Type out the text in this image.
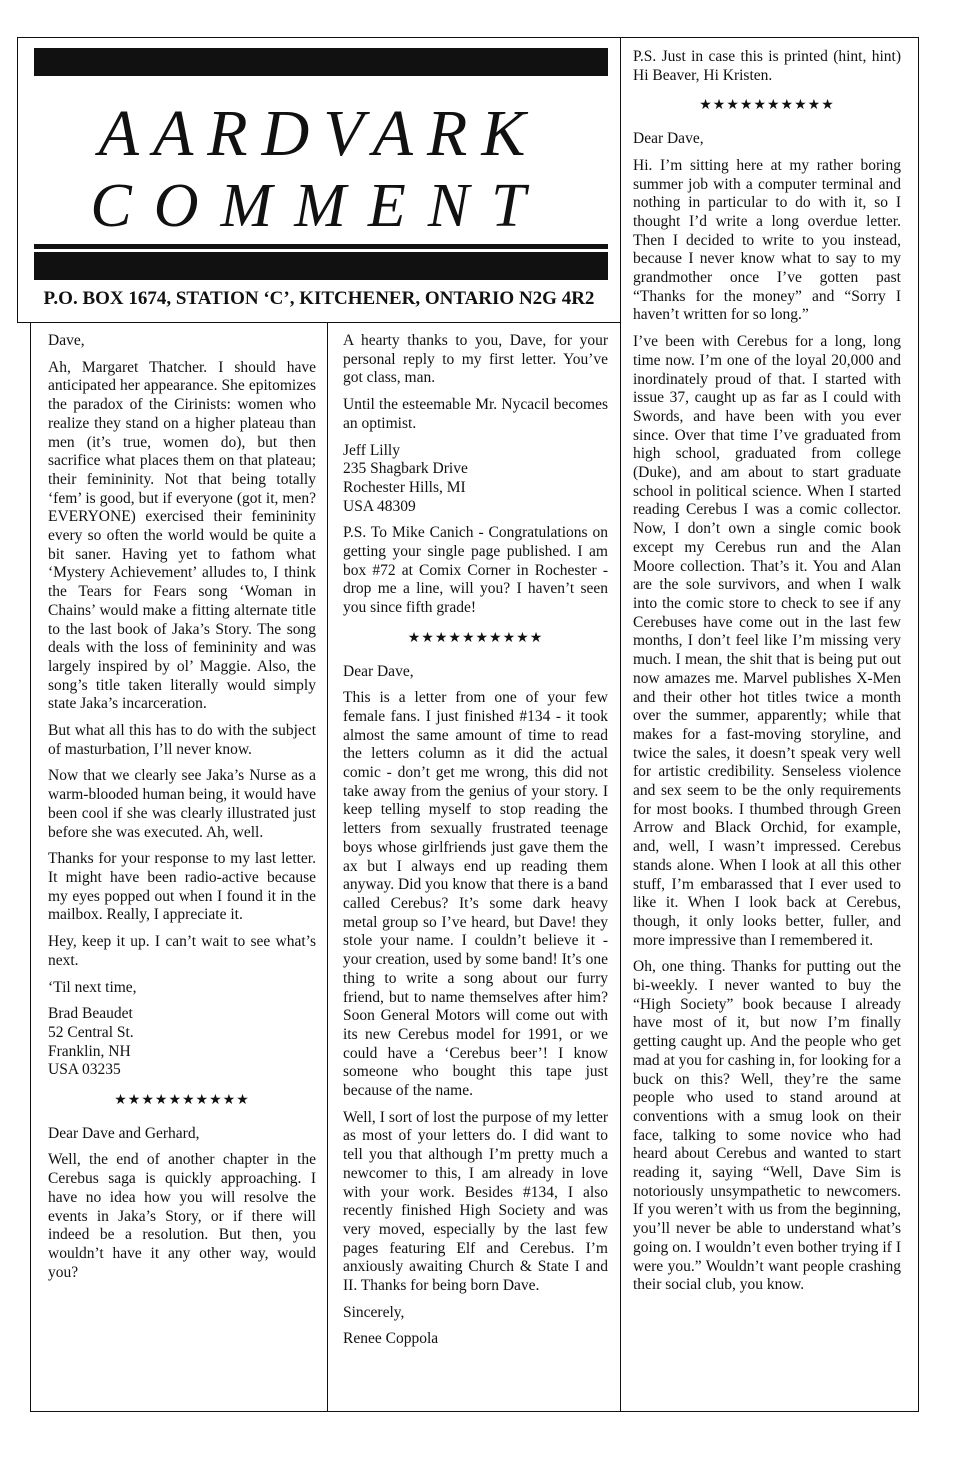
AARDVARK
COMMENT
P.O. BOX 1674, STATION ‘C’, KITCHENER, ONTARIO N2G 4R2

Dave,

Ah, Margaret Thatcher. I should have anticipated her appearance. She epitomizes the paradox of the Cirinists: women who realize they stand on a higher plateau than men (it’s true, women do), but then sacrifice what places them on that plateau; their femininity. Not that being totally ‘fem’ is good, but if everyone (got it, men? EVERYONE) exercised their femininity every so often the world would be quite a bit saner. Having yet to fathom what ‘Mystery Achievement’ alludes to, I think the Tears for Fears song ‘Woman in Chains’ would make a fitting alternate title to the last book of Jaka’s Story. The song deals with the loss of femininity and was largely inspired by ol’ Maggie. Also, the song’s title taken literally would simply state Jaka’s incarceration.

But what all this has to do with the subject of masturbation, I’ll never know.

Now that we clearly see Jaka’s Nurse as a warm-blooded human being, it would have been cool if she was clearly illustrated just before she was executed. Ah, well.

Thanks for your response to my last letter. It might have been radio-active because my eyes popped out when I found it in the mailbox. Really, I appreciate it.

Hey, keep it up. I can’t wait to see what’s next.

‘Til next time,

Brad Beaudet

52 Central St.

Franklin, NH

USA 03235

★★★★★★★★★★

Dear Dave and Gerhard,

Well, the end of another chapter in the Cerebus saga is quickly approaching. I have no idea how you will resolve the events in Jaka’s Story, or if there will indeed be a resolution. But then, you wouldn’t have it any other way, would you?

A hearty thanks to you, Dave, for your personal reply to my first letter. You’ve got class, man.

Until the esteemable Mr. Nycacil becomes an optimist.

Jeff Lilly

235 Shagbark Drive

Rochester Hills, MI

USA 48309

P.S. To Mike Canich - Congratulations on getting your single page published. I am box #72 at Comix Corner in Rochester - drop me a line, will you? I haven’t seen you since fifth grade!

★★★★★★★★★★

Dear Dave,

This is a letter from one of your few female fans. I just finished #134 - it took almost the same amount of time to read the letters column as it did the actual comic - don’t get me wrong, this did not take away from the genius of your story. I keep telling myself to stop reading the letters from sexually frustrated teenage boys whose girlfriends just gave them the ax but I always end up reading them anyway. Did you know that there is a band called Cerebus? It’s some dark heavy metal group so I’ve heard, but Dave! they stole your name. I couldn’t believe it - your creation, used by some band! It’s one thing to write a song about our furry friend, but to name themselves after him? Soon General Motors will come out with its new Cerebus model for 1991, or we could have a ‘Cerebus beer’! I know someone who bought this tape just because of the name.

Well, I sort of lost the purpose of my letter as most of your letters do. I did want to tell you that although I’m pretty much a newcomer to this, I am already in love with your work. Besides #134, I also recently finished High Society and was very moved, especially by the last few pages featuring Elf and Cerebus. I’m anxiously awaiting Church & State I and II. Thanks for being born Dave.

Sincerely,

Renee Coppola

P.S. Just in case this is printed (hint, hint) Hi Beaver, Hi Kristen.

★★★★★★★★★★

Dear Dave,

Hi. I’m sitting here at my rather boring summer job with a computer terminal and nothing in particular to do with it, so I thought I’d write a long overdue letter. Then I decided to write to you instead, because I never know what to say to my grandmother once I’ve gotten past “Thanks for the money” and “Sorry I haven’t written for so long.”

I’ve been with Cerebus for a long, long time now. I’m one of the loyal 20,000 and inordinately proud of that. I started with issue 37, caught up as far as I could with Swords, and have been with you ever since. Over that time I’ve graduated from high school, graduated from college (Duke), and am about to start graduate school in political science. When I started reading Cerebus I was a comic collector. Now, I don’t own a single comic book except my Cerebus run and the Alan Moore collection. That’s it. You and Alan are the sole survivors, and when I walk into the comic store to check to see if any Cerebuses have come out in the last few months, I don’t feel like I’m missing very much. I mean, the shit that is being put out now amazes me. Marvel publishes X-Men and their other hot titles twice a month over the summer, apparently; while that makes for a fast-moving storyline, and twice the sales, it doesn’t speak very well for artistic credibility. Senseless violence and sex seem to be the only requirements for most books. I thumbed through Green Arrow and Black Orchid, for example, and, well, I wasn’t impressed. Cerebus stands alone. When I look at all this other stuff, I’m embarassed that I ever used to like it. When I look back at Cerebus, though, it only looks better, fuller, and more impressive than I remembered it.

Oh, one thing. Thanks for putting out the bi-weekly. I never wanted to buy the “High Society” book because I already have most of it, but now I’m finally getting caught up. And the people who get mad at you for cashing in, for looking for a buck on this? Well, they’re the same people who used to stand around at conventions with a smug look on their face, talking to some novice who had heard about Cerebus and wanted to start reading it, saying “Well, Dave Sim is notoriously unsympathetic to newcomers. If you weren’t with us from the beginning, you’ll never be able to understand what’s going on. I wouldn’t even bother trying if I were you.” Wouldn’t want people crashing their social club, you know.
